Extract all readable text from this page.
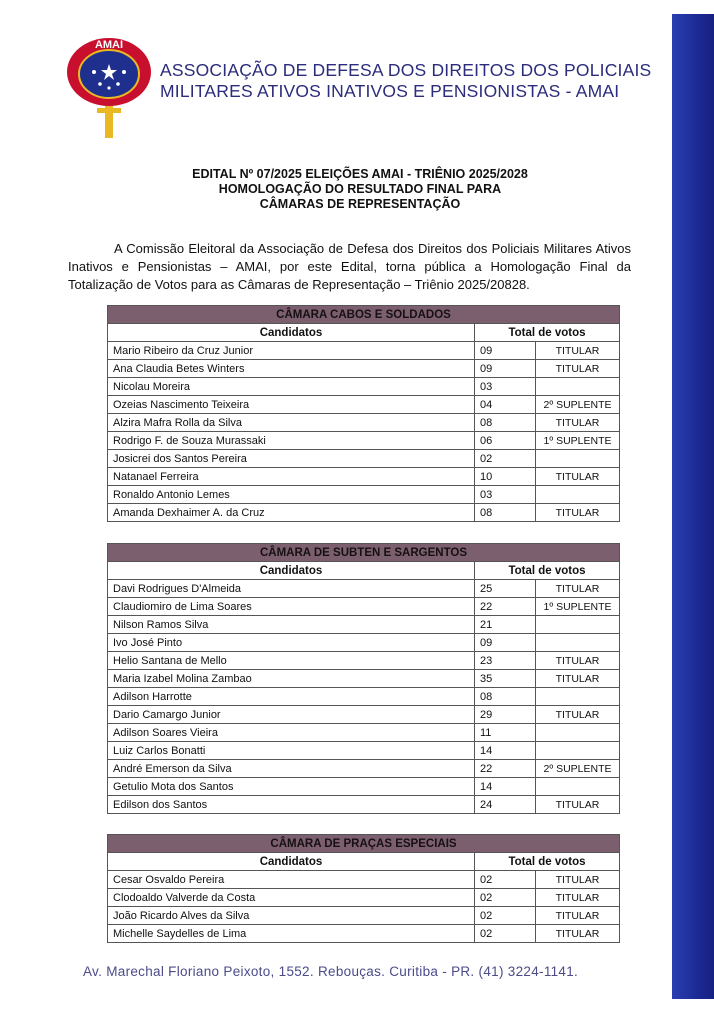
AMAI
ASSOCIAÇÃO DE DEFESA DOS DIREITOS DOS POLICIAIS
MILITARES ATIVOS INATIVOS E PENSIONISTAS - AMAI
EDITAL Nº 07/2025 ELEIÇÕES AMAI - TRIÊNIO 2025/2028
HOMOLOGAÇÃO DO RESULTADO FINAL PARA
CÂMARAS DE REPRESENTAÇÃO
A Comissão Eleitoral da Associação de Defesa dos Direitos dos Policiais Militares Ativos Inativos e Pensionistas – AMAI, por este Edital, torna pública a Homologação Final da Totalização de Votos para as Câmaras de Representação – Triênio 2025/20828.
CÂMARA CABOS E SOLDADOS		
Candidatos	Total de votos	
Mario Ribeiro da Cruz Junior	09	TITULAR
Ana Claudia Betes Winters	09	TITULAR
Nicolau Moreira	03	
Ozeias Nascimento Teixeira	04	2º SUPLENTE
Alzira Mafra Rolla da Silva	08	TITULAR
Rodrigo F. de Souza Murassaki	06	1º SUPLENTE
Josicrei dos Santos Pereira	02	
Natanael Ferreira	10	TITULAR
Ronaldo Antonio Lemes	03	
Amanda Dexhaimer A. da Cruz	08	TITULAR
CÂMARA DE SUBTEN E SARGENTOS		
Candidatos	Total de votos	
Davi Rodrigues D'Almeida	25	TITULAR
Claudiomiro de Lima Soares	22	1º SUPLENTE
Nilson Ramos Silva	21	
Ivo José Pinto	09	
Helio Santana de Mello	23	TITULAR
Maria Izabel Molina Zambao	35	TITULAR
Adilson Harrotte	08	
Dario Camargo Junior	29	TITULAR
Adilson Soares Vieira	11	
Luiz Carlos Bonatti	14	
André Emerson da Silva	22	2º SUPLENTE
Getulio Mota dos Santos	14	
Edilson dos Santos	24	TITULAR
CÂMARA DE PRAÇAS ESPECIAIS		
Candidatos	Total de votos	
Cesar Osvaldo Pereira	02	TITULAR
Clodoaldo Valverde da Costa	02	TITULAR
João Ricardo Alves da Silva	02	TITULAR
Michelle Saydelles de Lima	02	TITULAR
Av. Marechal Floriano Peixoto, 1552. Rebouças. Curitiba - PR. (41) 3224-1141.
